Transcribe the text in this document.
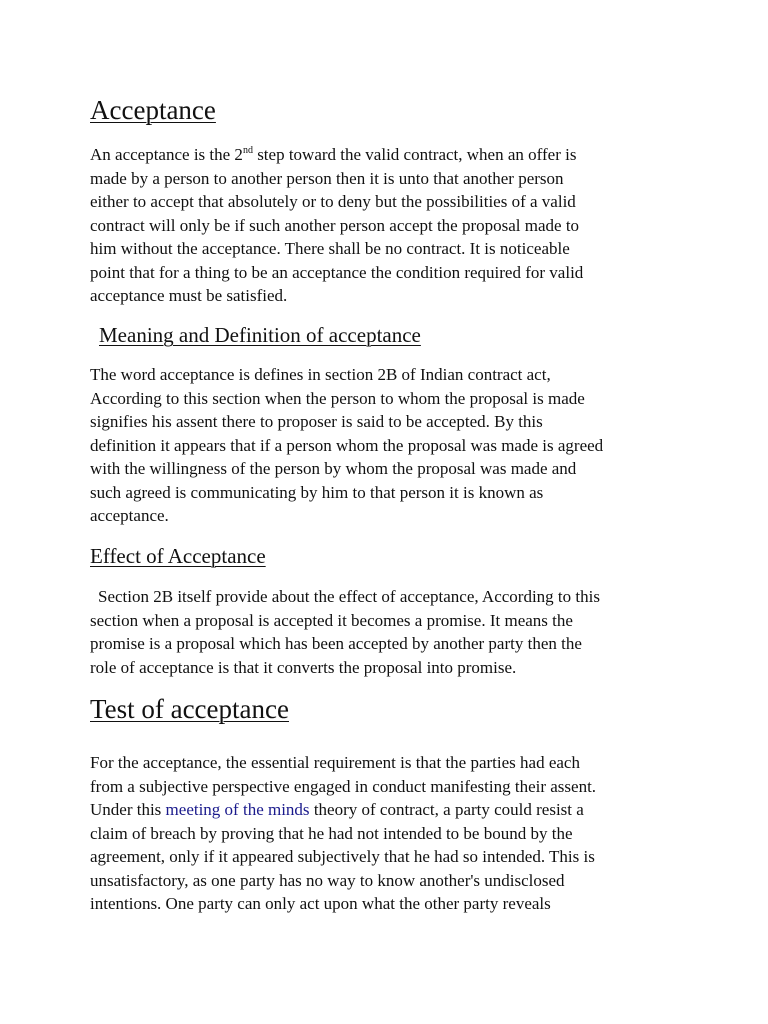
Acceptance
An acceptance is the 2nd step toward the valid contract, when an offer is
made by a person to another person then it is unto that another person
either to accept that absolutely or to deny but the possibilities of a valid
contract will only be if such another person accept the proposal made to
him without the acceptance. There shall be no contract. It is noticeable
point that for a thing to be an acceptance the condition required for valid
acceptance must be satisfied.
Meaning and Definition of acceptance
The word acceptance is defines in section 2B of Indian contract act,
According to this section when the person to whom the proposal is made
signifies his assent there to proposer is said to be accepted. By this
definition it appears that if a person whom the proposal was made is agreed
with the willingness of the person by whom the proposal was made and
such agreed is communicating by him to that person it is known as
acceptance.
Effect of Acceptance
Section 2B itself provide about the effect of acceptance, According to this
section when a proposal is accepted it becomes a promise. It means the
promise is a proposal which has been accepted by another party then the
role of acceptance is that it converts the proposal into promise.
Test of acceptance
For the acceptance, the essential requirement is that the parties had each
from a subjective perspective engaged in conduct manifesting their assent.
Under this meeting of the minds theory of contract, a party could resist a
claim of breach by proving that he had not intended to be bound by the
agreement, only if it appeared subjectively that he had so intended. This is
unsatisfactory, as one party has no way to know another's undisclosed
intentions. One party can only act upon what the other party reveals
